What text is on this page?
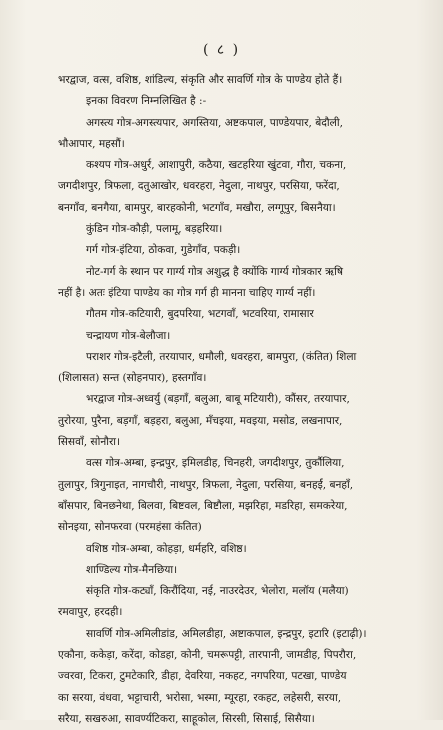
( ८ )
भरद्वाज, वत्स, वशिष्ठ, शांडिल्य, संकृति और सावर्णि गोत्र के पाण्डेय होते हैं।
इनका विवरण निम्नलिखित है :-
अगस्त्य गोत्र-अगस्त्यपार, अगस्तिया, अष्टकपाल, पाण्डेयपार, बेदौली,
भौआपार, महसौं।
कश्यप गोत्र-अधुर्र, आशापुरी, कठैया, खटहरिया खुंटवा, गौरा, चकना,
जगदीशपुर, त्रिफला, दतुआखोर, धवरहरा, नेदुला, नाथपुर, परसिया, फरेंदा,
बनगाँव, बनगैया, बामपुर, बारहकोनी, भटगाँव, मखौरा, लग्गूपुर, बिसनैया।
कुंडिन गोत्र-कौड़ी, पलामू, बड़हरिया।
गर्ग गोत्र-इंटिया, ठोकवा, गुडेगाँव, पकड़ी।
नोट-गर्ग के स्थान पर गार्ग्य गोत्र अशुद्ध है क्योंकि गार्ग्य गोत्रकार ऋषि
नहीं है। अतः इंटिया पाण्डेय का गोत्र गर्ग ही मानना चाहिए गार्ग्य नहीं।
गौतम गोत्र-कटियारी, बुदपरिया, भटगवाँ, भटवरिया, रामासार
चन्द्रायण गोत्र-बेलौजा।
पराशर गोत्र-इटैली, तरयापार, धमौली, धवरहरा, बामपुरा, (कंतित) शिला
(शिलासत) सन्त (सोहनपार), हस्तगाँव।
भरद्वाज गोत्र-अध्वर्यु (बड़गाँ, बलुआ, बाबू मटियारी), कौंसर, तरयापार,
तुरोरया, पुरैना, बड़गाँ, बड़हरा, बलुआ, मँचइया, मवइया, मसोड, लखनापार,
सिसवाँ, सोनौरा।
वत्स गोत्र-अम्बा, इन्द्रपुर, इमिलडीह, चिनहरी, जगदीशपुर, तुर्कौलिया,
तुलापुर, त्रिगुनाइत, नागचौरी, नाथपुर, त्रिफला, नेदुला, परसिया, बनहर्ई, बनहाँ,
बाँसपार, बिनछनेथा, बिलवा, बिष्टवल, बिष्टौला, मझरिहा, मडरिहा, समकरेया,
सोनइया, सोनफरवा (परमहंसा कंतित)
वशिष्ठ गोत्र-अम्बा, कोहड़ा, धर्महरि, वशिष्ठ।
शाण्डिल्य गोत्र-मैनछिया।
संकृति गोत्र-कट्याँ, किरौंदिया, नई, नाउरदेउर, भेलोरा, मलॉय (मलैया)
रमवापुर, हरदही।
सावर्णि गोत्र-अमिलीडांड, अमिलडीहा, अष्टाकपाल, इन्द्रपुर, इटारि (इटाढ़ी)।
एकौना, ककेड़ा, करेंदा, कोडहा, कोनी, चमरूपट्टी, तारपानी, जामडीह, पिपरौरा,
ज्वरवा, टिकरा, टुमटेकारि, डीहा, देवरिया, नकहट, नगपरिया, पटखा, पाण्डेय
का सरया, वंधवा, भट्टाचारी, भरोसा, भस्मा, म्यूरहा, रकहट, लहेसरी, सरया,
सरैया, सखरुआ, सावर्ण्यटिकरा, साहूकोल, सिरसी, सिसाई, सिसैया।
